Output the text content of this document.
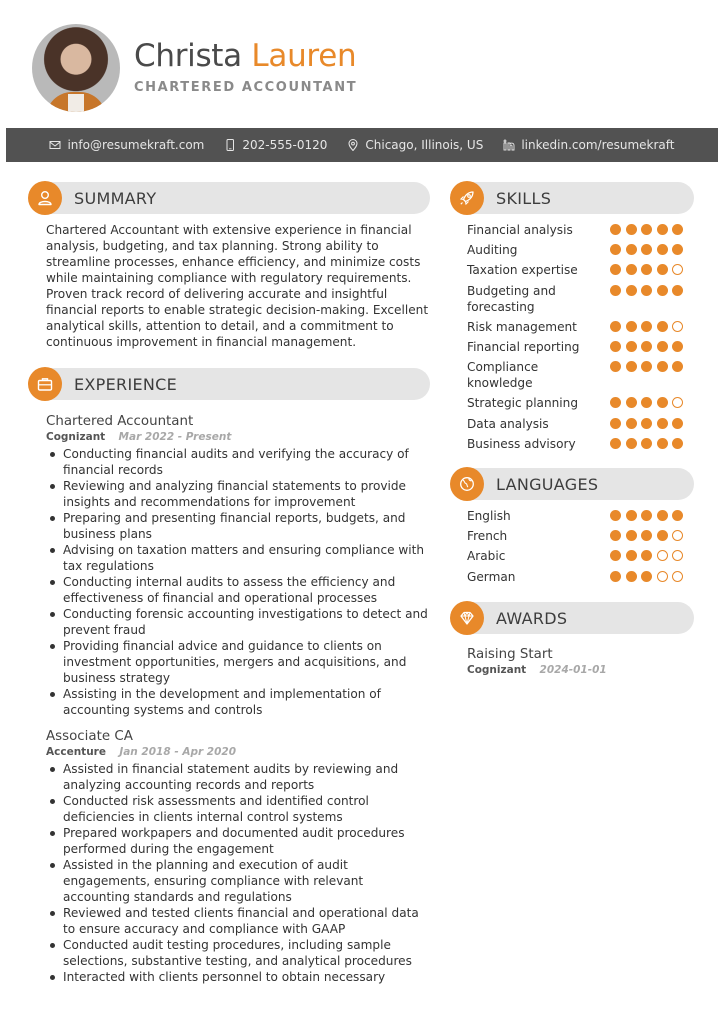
Christa Lauren
CHARTERED ACCOUNTANT
info@resumekraft.com	202-555-0120	Chicago, Illinois, US	linkedin.com/resumekraft
SUMMARY
Chartered Accountant with extensive experience in financial analysis, budgeting, and tax planning. Strong ability to streamline processes, enhance efficiency, and minimize costs while maintaining compliance with regulatory requirements. Proven track record of delivering accurate and insightful financial reports to enable strategic decision-making. Excellent analytical skills, attention to detail, and a commitment to continuous improvement in financial management.
EXPERIENCE
Chartered Accountant
Cognizant Mar 2022 - Present
Conducting financial audits and verifying the accuracy of financial records
Reviewing and analyzing financial statements to provide insights and recommendations for improvement
Preparing and presenting financial reports, budgets, and business plans
Advising on taxation matters and ensuring compliance with tax regulations
Conducting internal audits to assess the efficiency and effectiveness of financial and operational processes
Conducting forensic accounting investigations to detect and prevent fraud
Providing financial advice and guidance to clients on investment opportunities, mergers and acquisitions, and business strategy
Assisting in the development and implementation of accounting systems and controls
Associate CA
Accenture Jan 2018 - Apr 2020
Assisted in financial statement audits by reviewing and analyzing accounting records and reports
Conducted risk assessments and identified control deficiencies in clients internal control systems
Prepared workpapers and documented audit procedures performed during the engagement
Assisted in the planning and execution of audit engagements, ensuring compliance with relevant accounting standards and regulations
Reviewed and tested clients financial and operational data to ensure accuracy and compliance with GAAP
Conducted audit testing procedures, including sample selections, substantive testing, and analytical procedures
Interacted with clients personnel to obtain necessary
SKILLS
Financial analysis
Auditing
Taxation expertise
Budgeting and forecasting
Risk management
Financial reporting
Compliance knowledge
Strategic planning
Data analysis
Business advisory
LANGUAGES
English
French
Arabic
German
AWARDS
Raising Start
Cognizant 2024-01-01
